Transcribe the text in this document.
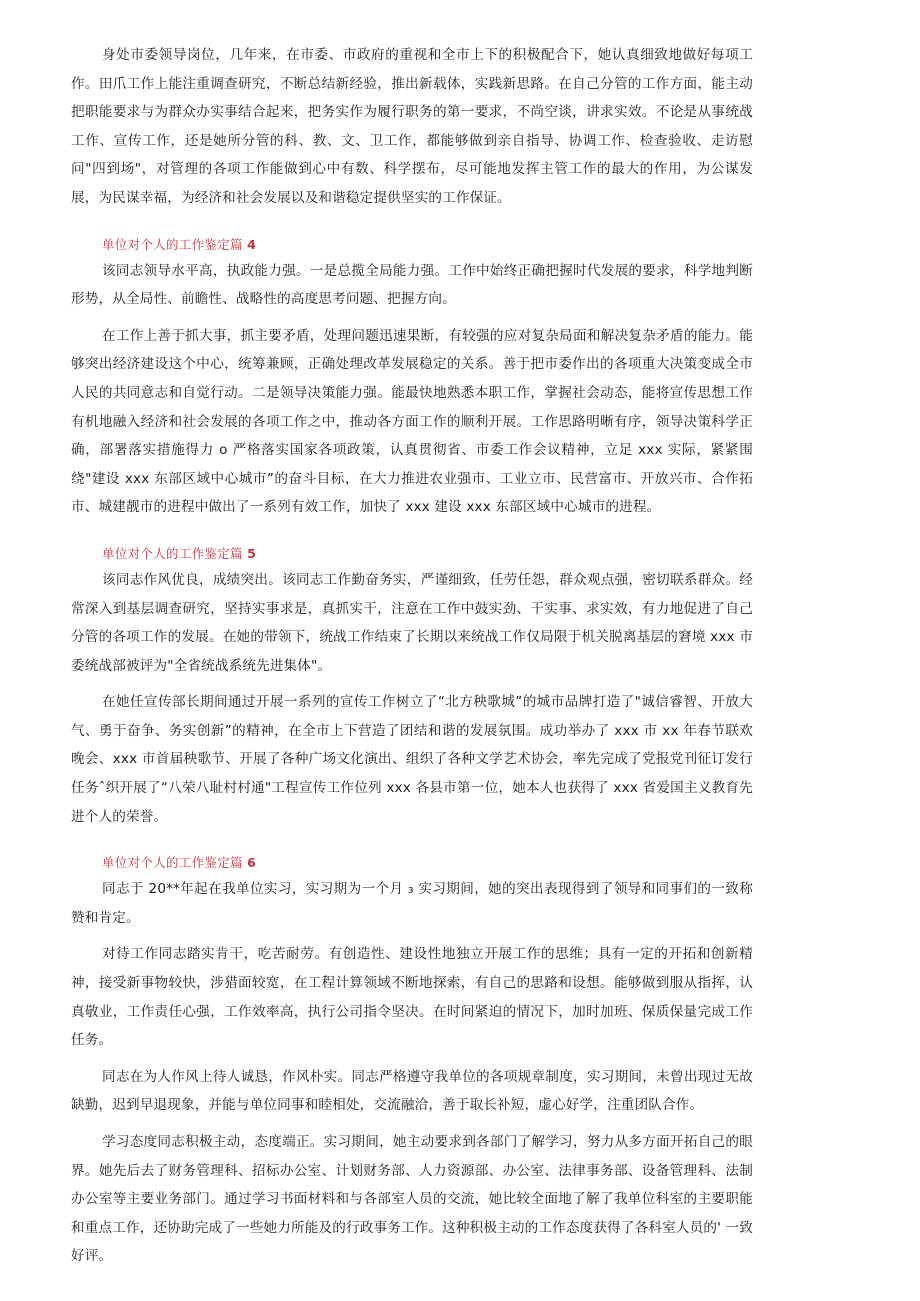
身处市委领导岗位，几年来，在市委、市政府的重视和全市上下的积极配合下，她认真细致地做好每项工作。田爪工作上能注重调查研究，不断总结新经验，推出新载体，实践新思路。在自己分管的工作方面，能主动把职能要求与为群众办实事结合起来，把务实作为履行职务的第一要求，不尚空谈，讲求实效。不论是从事统战工作、宣传工作，还是她所分管的科、教、文、卫工作，都能够做到亲自指导、协调工作、检查验收、走访慰问"四到场"，对管理的各项工作能做到心中有数、科学摆布，尽可能地发挥主管工作的最大的作用，为公谋发展，为民谋幸福，为经济和社会发展以及和谐稳定提供坚实的工作保证。

单位对个人的工作鉴定篇 4

该同志领导水平高，执政能力强。一是总揽全局能力强。工作中始终正确把握时代发展的要求，科学地判断形势，从全局性、前瞻性、战略性的高度思考问题、把握方向。

在工作上善于抓大事，抓主要矛盾，处理问题迅速果断，有较强的应对复杂局面和解决复杂矛盾的能力。能够突出经济建设这个中心，统筹兼顾，正确处理改革发展稳定的关系。善于把市委作出的各项重大决策变成全市人民的共同意志和自觉行动。二是领导决策能力强。能最快地熟悉本职工作，掌握社会动态，能将宣传思想工作有机地融入经济和社会发展的各项工作之中，推动各方面工作的顺利开展。工作思路明晰有序，领导决策科学正确，部署落实措施得力 o 严格落实国家各项政策，认真贯彻省、市委工作会议精神，立足 xxx 实际，紧紧围绕"建设 xxx 东部区域中心城市”的奋斗目标，在大力推进农业强市、工业立市、民营富市、开放兴市、合作拓市、城建靓市的进程中做出了一系列有效工作，加快了 xxx 建设 xxx 东部区域中心城市的进程。

单位对个人的工作鉴定篇 5

该同志作风优良，成绩突出。该同志工作勤奋务实，严谨细致，任劳任怨，群众观点强，密切联系群众。经常深入到基层调查研究，坚持实事求是，真抓实干，注意在工作中鼓实劲、干实事、求实效，有力地促进了自己分管的各项工作的发展。在她的带领下，统战工作结束了长期以来统战工作仅局限于机关脱离基层的窘境 xxx 市委统战部被评为"全省统战系统先进集体"。

在她任宣传部长期间通过开展一系列的宣传工作树立了“北方秧歌城”的城市品牌打造了"诚信睿智、开放大气、勇于奋争、务实创新”的精神，在全市上下营造了团结和谐的发展氛围。成功举办了 xxx 市 xx 年春节联欢晚会、xxx 市首届秧歌节、开展了各种广场文化演出、组织了各种文学艺术协会，率先完成了党报党刊征订发行任务ˆ织开展了“八荣八耻村村通"工程宣传工作位列 xxx 各县市第一位，她本人也获得了 xxx 省爱国主义教育先进个人的荣誉。

单位对个人的工作鉴定篇 6

同志于 20**年起在我单位实习，实习期为一个月 ₃ 实习期间，她的突出表现得到了领导和同事们的一致称赞和肯定。

对待工作同志踏实肯干，吃苦耐劳。有创造性、建设性地独立开展工作的思维；具有一定的开拓和创新精神，接受新事物较快，涉猎面较宽，在工程计算领域不断地探索，有自己的思路和设想。能够做到服从指挥，认真敬业，工作责任心强，工作效率高，执行公司指令坚决。在时间紧迫的情况下，加时加班、保质保量完成工作任务。

同志在为人作风上待人诚恳，作风朴实。同志严格遵守我单位的各项规章制度，实习期间，未曾出现过无故缺勤，迟到早退现象，并能与单位同事和睦相处，交流融洽，善于取长补短，虚心好学，注重团队合作。

学习态度同志积极主动，态度端正。实习期间，她主动要求到各部门了解学习，努力从多方面开拓自己的眼界。她先后去了财务管理科、招标办公室、计划财务部、人力资源部、办公室、法律事务部、设备管理科、法制办公室等主要业务部门。通过学习书面材料和与各部室人员的交流，她比较全面地了解了我单位科室的主要职能和重点工作，还协助完成了一些她力所能及的行政事务工作。这种积极主动的工作态度获得了各科室人员的' 一致好评。
